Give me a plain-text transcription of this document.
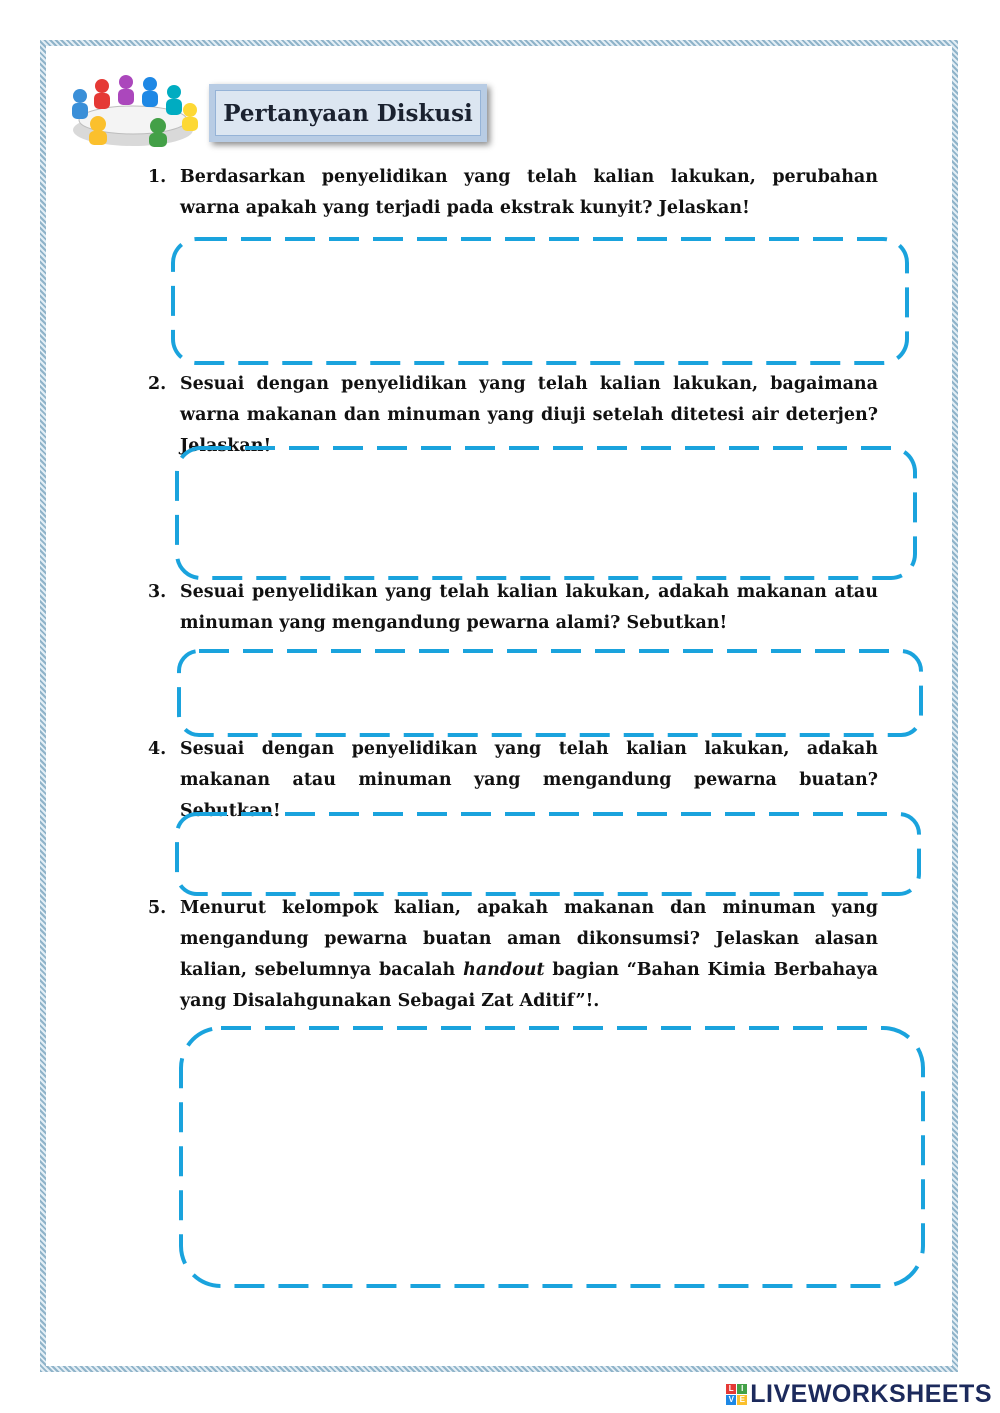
Pertanyaan Diskusi
1. Berdasarkan penyelidikan yang telah kalian lakukan, perubahan warna apakah yang terjadi pada ekstrak kunyit? Jelaskan!
2. Sesuai dengan penyelidikan yang telah kalian lakukan, bagaimana warna makanan dan minuman yang diuji setelah ditetesi air deterjen? Jelaskan!
3. Sesuai penyelidikan yang telah kalian lakukan, adakah makanan atau minuman yang mengandung pewarna alami? Sebutkan!
4. Sesuai dengan penyelidikan yang telah kalian lakukan, adakah makanan atau minuman yang mengandung pewarna buatan? Sebutkan!
5. Menurut kelompok kalian, apakah makanan dan minuman yang mengandung pewarna buatan aman dikonsumsi? Jelaskan alasan kalian, sebelumnya bacalah handout bagian “Bahan Kimia Berbahaya yang Disalahgunakan Sebagai Zat Aditif”!.
L I
V E LIVEWORKSHEETS
